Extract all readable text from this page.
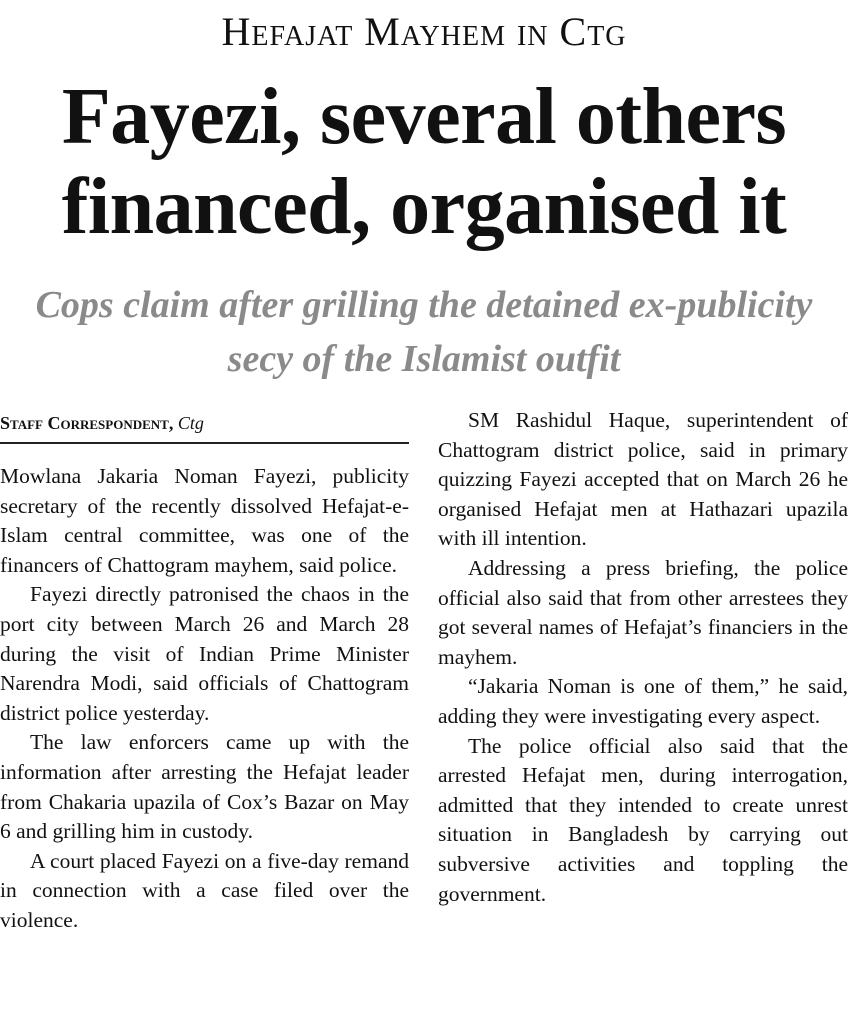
Hefajat Mayhem in Ctg
Fayezi, several others financed, organised it
Cops claim after grilling the detained ex-publicity secy of the Islamist outfit
Staff Correspondent, Ctg

Mowlana Jakaria Noman Fayezi, publicity secretary of the recently dissolved Hefajat-e-Islam central committee, was one of the financers of Chattogram mayhem, said police.

Fayezi directly patronised the chaos in the port city between March 26 and March 28 during the visit of Indian Prime Minister Narendra Modi, said officials of Chattogram district police yesterday.

The law enforcers came up with the information after arresting the Hefajat leader from Chakaria upazila of Cox’s Bazar on May 6 and grilling him in custody.

A court placed Fayezi on a five-day remand in connection with a case filed over the violence.

SM Rashidul Haque, superintendent of Chattogram district police, said in primary quizzing Fayezi accepted that on March 26 he organised Hefajat men at Hathazari upazila with ill intention.

Addressing a press briefing, the police official also said that from other arrestees they got several names of Hefajat’s financiers in the mayhem.

“Jakaria Noman is one of them,” he said, adding they were investigating every aspect.

The police official also said that the arrested Hefajat men, during interrogation, admitted that they intended to create unrest situation in Bangladesh by carrying out subversive activities and toppling the government.
